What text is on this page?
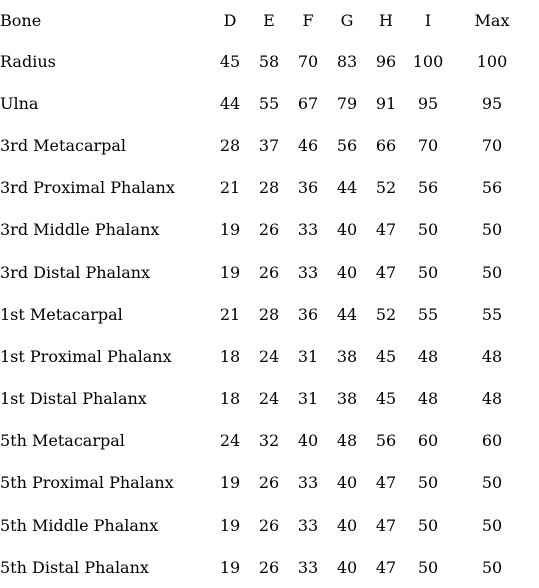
Bone	D	E	F	G	H	I	Max
Radius	45	58	70	83	96	100	100
Ulna	44	55	67	79	91	95	95
3rd Metacarpal	28	37	46	56	66	70	70
3rd Proximal Phalanx	21	28	36	44	52	56	56
3rd Middle Phalanx	19	26	33	40	47	50	50
3rd Distal Phalanx	19	26	33	40	47	50	50
1st Metacarpal	21	28	36	44	52	55	55
1st Proximal Phalanx	18	24	31	38	45	48	48
1st Distal Phalanx	18	24	31	38	45	48	48
5th Metacarpal	24	32	40	48	56	60	60
5th Proximal Phalanx	19	26	33	40	47	50	50
5th Middle Phalanx	19	26	33	40	47	50	50
5th Distal Phalanx	19	26	33	40	47	50	50
